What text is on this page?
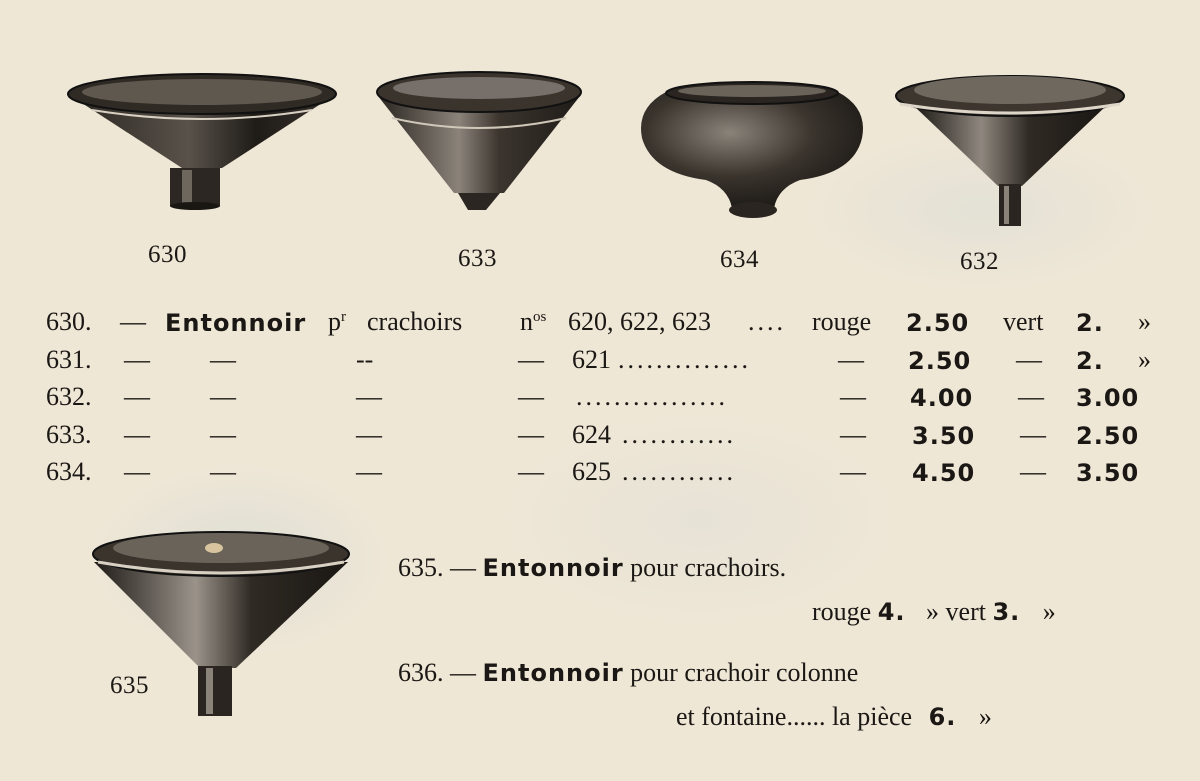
630	633	634	632
635
630. — Entonnoir $p^r$ crachoirs $n^{os}$ 620, 622, 623 .... rouge 2.50 vert 2. »
631. — —	--	— 621 ..............	— 2.50 — 2. »
632. — —	—	— ................	— 4.00 — 3.00
633. — —	—	— 624 ............	— 3.50 — 2.50
634. — —	—	— 625 ............	— 4.50 — 3.50
635. — Entonnoir pour crachoirs.
rouge 4. » vert 3. »
636. — Entonnoir pour crachoir colonne
et fontaine...... la pièce 6. »
